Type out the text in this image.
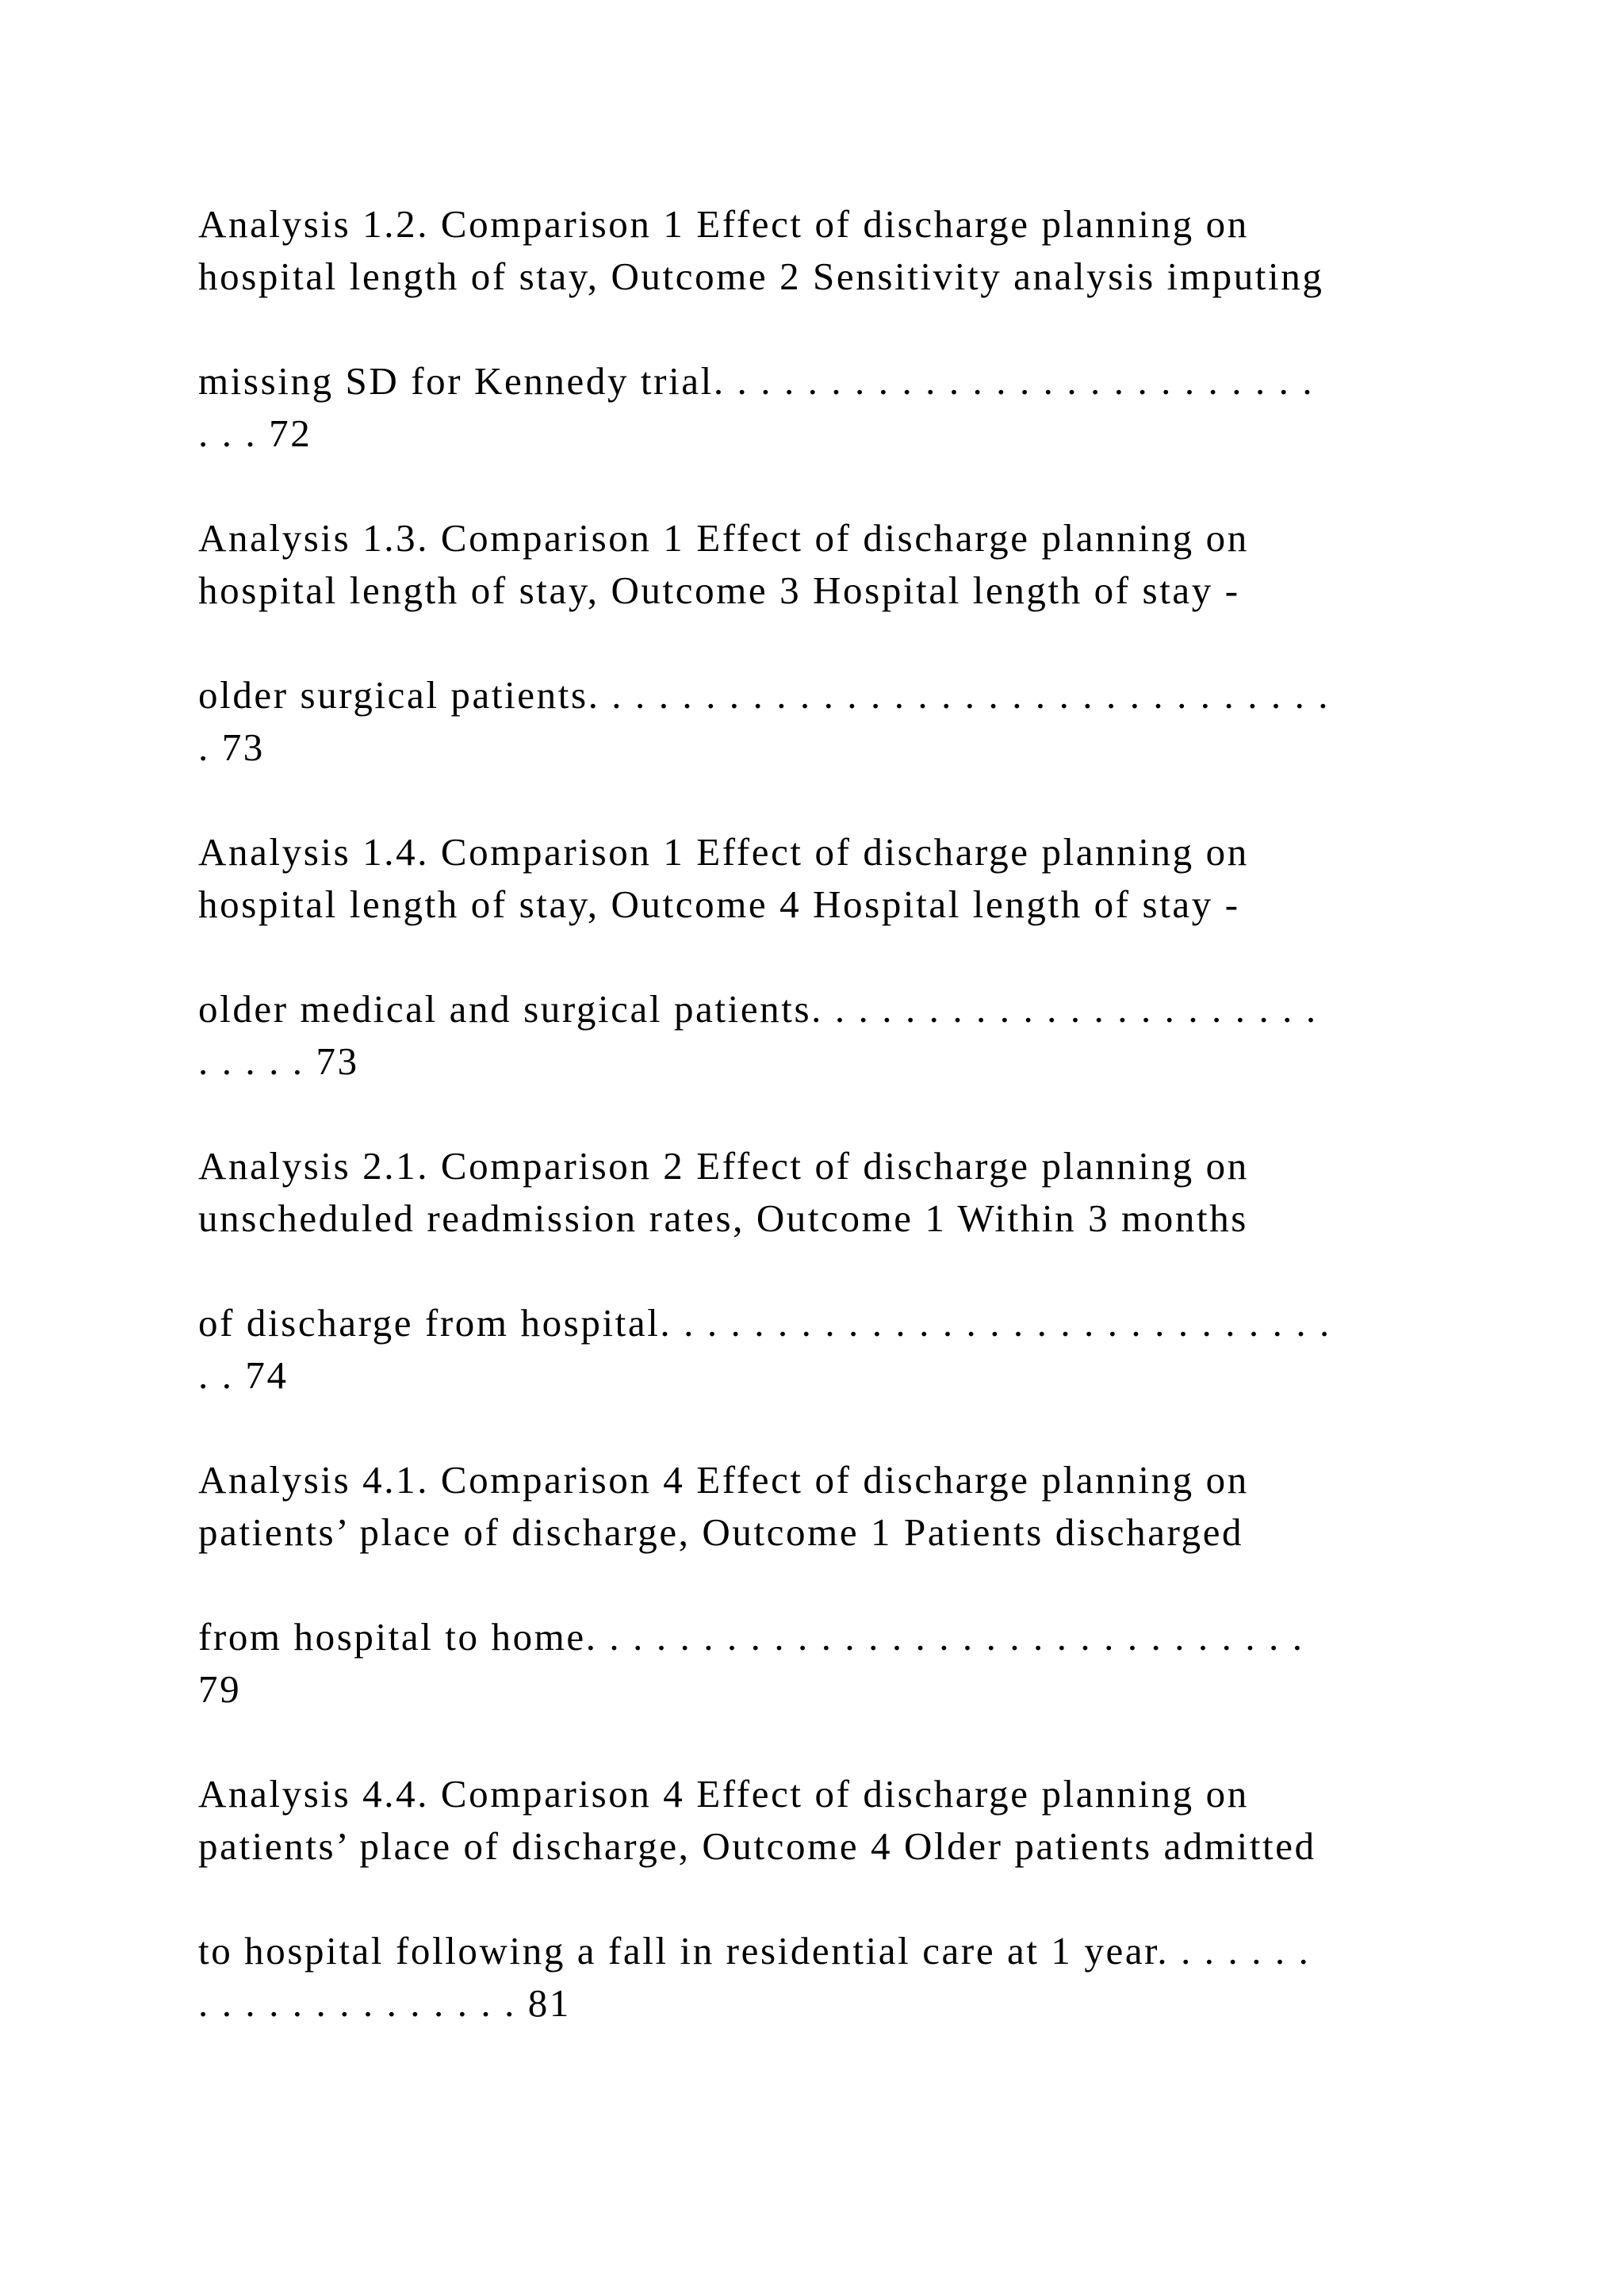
Analysis 1.2. Comparison 1 Effect of discharge planning on
hospital length of stay, Outcome 2 Sensitivity analysis imputing
missing SD for Kennedy trial. . . . . . . . . . . . . . . . . . . . . . . . . .
. . . 72
Analysis 1.3. Comparison 1 Effect of discharge planning on
hospital length of stay, Outcome 3 Hospital length of stay -
older surgical patients. . . . . . . . . . . . . . . . . . . . . . . . . . . . . . . .
. 73
Analysis 1.4. Comparison 1 Effect of discharge planning on
hospital length of stay, Outcome 4 Hospital length of stay -
older medical and surgical patients. . . . . . . . . . . . . . . . . . . . . .
. . . . . 73
Analysis 2.1. Comparison 2 Effect of discharge planning on
unscheduled readmission rates, Outcome 1 Within 3 months
of discharge from hospital. . . . . . . . . . . . . . . . . . . . . . . . . . . . .
. . 74
Analysis 4.1. Comparison 4 Effect of discharge planning on
patients’ place of discharge, Outcome 1 Patients discharged
from hospital to home. . . . . . . . . . . . . . . . . . . . . . . . . . . . . . .
79
Analysis 4.4. Comparison 4 Effect of discharge planning on
patients’ place of discharge, Outcome 4 Older patients admitted
to hospital following a fall in residential care at 1 year. . . . . . .
. . . . . . . . . . . . . . 81
